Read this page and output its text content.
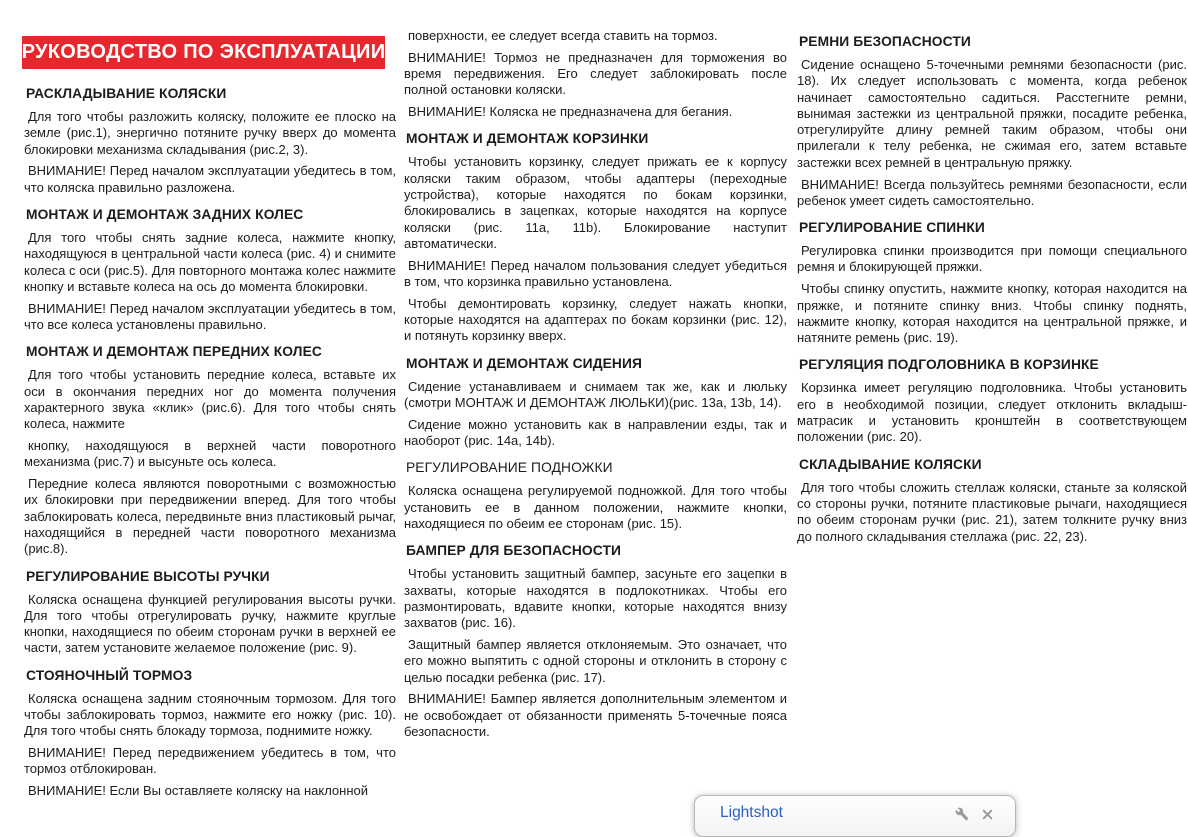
РУКОВОДСТВО ПО ЭКСПЛУАТАЦИИ
РАСКЛАДЫВАНИЕ КОЛЯСКИ

Для того чтобы разложить коляску, положите ее плоско на земле (рис.1), энергично потяните ручку вверх до момента блокировки механизма складывания (рис.2, 3).

ВНИМАНИЕ! Перед началом эксплуатации убедитесь в том, что коляска правильно разложена.

МОНТАЖ И ДЕМОНТАЖ ЗАДНИХ КОЛЕС

Для того чтобы снять задние колеса, нажмите кнопку, находящуюся в центральной части колеса (рис. 4) и снимите колеса с оси (рис.5). Для повторного монтажа колес нажмите кнопку и вставьте колеса на ось до момента блокировки.

ВНИМАНИЕ! Перед началом эксплуатации убедитесь в том, что все колеса установлены правильно.

МОНТАЖ И ДЕМОНТАЖ ПЕРЕДНИХ КОЛЕС

Для того чтобы установить передние колеса, вставьте их оси в окончания передних ног до момента получения характерного звука «клик» (рис.6). Для того чтобы снять колеса, нажмите

кнопку, находящуюся в верхней части поворотного механизма (рис.7) и высуньте ось колеса.

Передние колеса являются поворотными с возможностью их блокировки при передвижении вперед. Для того чтобы заблокировать колеса, передвиньте вниз пластиковый рычаг, находящийся в передней части поворотного механизма (рис.8).

РЕГУЛИРОВАНИЕ ВЫСОТЫ РУЧКИ

Коляска оснащена функцией регулирования высоты ручки. Для того чтобы отрегулировать ручку, нажмите круглые кнопки, находящиеся по обеим сторонам ручки в верхней ее части, затем установите желаемое положение (рис. 9).

СТОЯНОЧНЫЙ ТОРМОЗ

Коляска оснащена задним стояночным тормозом. Для того чтобы заблокировать тормоз, нажмите его ножку (рис. 10). Для того чтобы снять блокаду тормоза, поднимите ножку.

ВНИМАНИЕ! Перед передвижением убедитесь в том, что тормоз отблокирован.

ВНИМАНИЕ! Если Вы оставляете коляску на наклонной

поверхности, ее следует всегда ставить на тормоз.

ВНИМАНИЕ! Тормоз не предназначен для торможения во время передвижения. Его следует заблокировать после полной остановки коляски.

ВНИМАНИЕ! Коляска не предназначена для бегания.

МОНТАЖ И ДЕМОНТАЖ КОРЗИНКИ

Чтобы установить корзинку, следует прижать ее к корпусу коляски таким образом, чтобы адаптеры (переходные устройства), которые находятся по бокам корзинки, блокировались в зацепках, которые находятся на корпусе коляски (рис. 11a, 11b). Блокирование наступит автоматически.

ВНИМАНИЕ! Перед началом пользования следует убедиться в том, что корзинка правильно установлена.

Чтобы демонтировать корзинку, следует нажать кнопки, которые находятся на адаптерах по бокам корзинки (рис. 12), и потянуть корзинку вверх.

МОНТАЖ И ДЕМОНТАЖ СИДЕНИЯ

Сидение устанавливаем и снимаем так же, как и люльку (смотри МОНТАЖ И ДЕМОНТАЖ ЛЮЛЬКИ)(рис. 13a, 13b, 14).

Сидение можно установить как в направлении езды, так и наоборот (рис. 14a, 14b).

РЕГУЛИРОВАНИЕ ПОДНОЖКИ

Коляска оснащена регулируемой подножкой. Для того чтобы установить ее в данном положении, нажмите кнопки, находящиеся по обеим ее сторонам (рис. 15).

БАМПЕР ДЛЯ БЕЗОПАСНОСТИ

Чтобы установить защитный бампер, засуньте его зацепки в захваты, которые находятся в подлокотниках. Чтобы его размонтировать, вдавите кнопки, которые находятся внизу захватов (рис. 16).

Защитный бампер является отклоняемым. Это означает, что его можно выпятить с одной стороны и отклонить в сторону с целью посадки ребенка (рис. 17).

ВНИМАНИЕ! Бампер является дополнительным элементом и не освобождает от обязанности применять 5-точечные пояса безопасности.

РЕМНИ БЕЗОПАСНОСТИ

Сидение оснащено 5-точечными ремнями безопасности (рис. 18). Их следует использовать с момента, когда ребенок начинает самостоятельно садиться. Расстегните ремни, вынимая застежки из центральной пряжки, посадите ребенка, отрегулируйте длину ремней таким образом, чтобы они прилегали к телу ребенка, не сжимая его, затем вставьте застежки всех ремней в центральную пряжку.

ВНИМАНИЕ! Всегда пользуйтесь ремнями безопасности, если ребенок умеет сидеть самостоятельно.

РЕГУЛИРОВАНИЕ СПИНКИ

Регулировка спинки производится при помощи специального ремня и блокирующей пряжки.

Чтобы спинку опустить, нажмите кнопку, которая находится на пряжке, и потяните спинку вниз. Чтобы спинку поднять, нажмите кнопку, которая находится на центральной пряжке, и натяните ремень (рис. 19).

РЕГУЛЯЦИЯ ПОДГОЛОВНИКА В КОРЗИНКЕ

Корзинка имеет регуляцию подголовника. Чтобы установить его в необходимой позиции, следует отклонить вкладыш-матрасик и установить кронштейн в соответствующем положении (рис. 20).

СКЛАДЫВАНИЕ КОЛЯСКИ

Для того чтобы сложить стеллаж коляски, станьте за коляской со стороны ручки, потяните пластиковые рычаги, находящиеся по обеим сторонам ручки (рис. 21), затем толкните ручку вниз до полного складывания стеллажа (рис. 22, 23).

Lightshot
